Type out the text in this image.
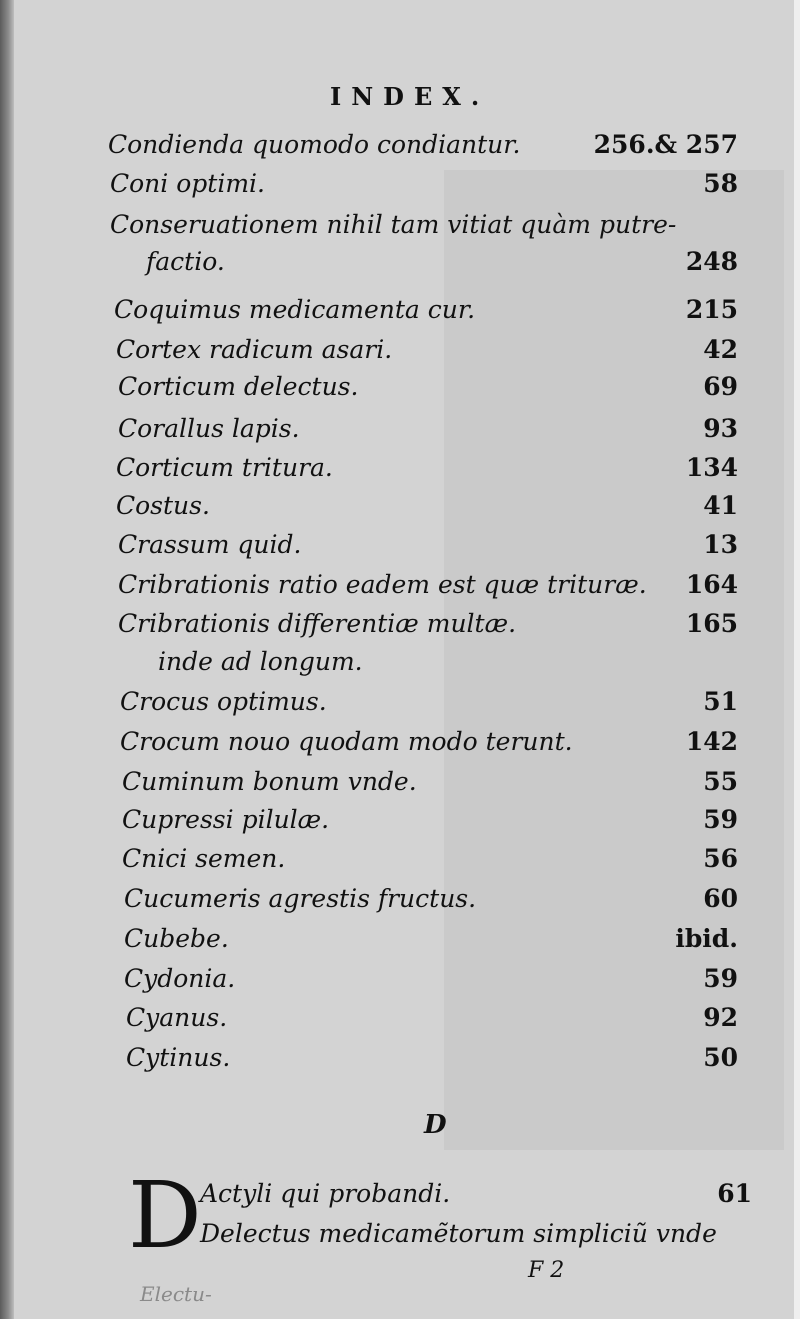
INDEX.
Condienda quomodo condiantur.	256.& 257
Coni optimi.	58
Conseruationem nihil tam vitiat quàm putre-
factio.	248
Coquimus medicamenta cur.	215
Cortex radicum asari.	42
Corticum delectus.	69
Corallus lapis.	93
Corticum tritura.	134
Costus.	41
Crassum quid.	13
Cribrationis ratio eadem est quæ trituræ. 164
Cribrationis differentiæ multæ.	165
inde ad longum.
Crocus optimus.	51
Crocum nouo quodam modo terunt.	142
Cuminum bonum vnde.	55
Cupressi pilulæ.	59
Cnici semen.	56
Cucumeris agrestis fructus.	60
Cubebe.	ibid.
Cydonia.	59
Cyanus.	92
Cytinus.	50
D
D
Actyli qui probandi.	61
Delectus medicamẽtorum simpliciũ vnde
F 2
Electu-
